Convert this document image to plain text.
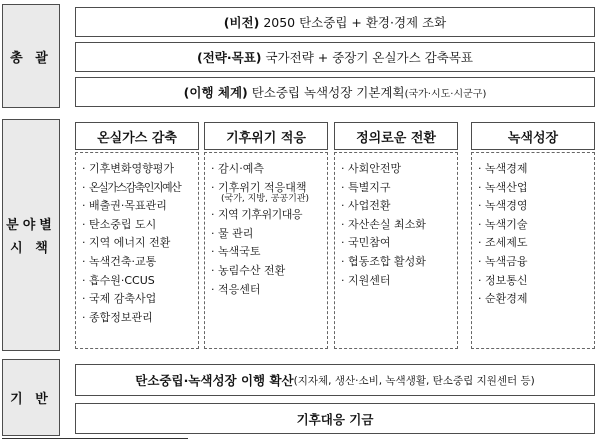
총 괄
분야별
시 책
기 반
(비전) 2050 탄소중립 + 환경·경제 조화
(전략·목표) 국가전략 + 중장기 온실가스 감축목표
(이행 체계) 탄소중립 녹색성장 기본계획 (국가·시도·시군구)
온실가스 감축	기후위기 적응	정의로운 전환	녹색성장
· 기후변화영향평가
· 온실가스감축인지예산
· 배출권·목표관리
· 탄소중립 도시
· 지역 에너지 전환
· 녹색건축·교통
· 흡수원·CCUS
· 국제 감축사업
· 종합정보관리
· 감시·예측
· 기후위기 적응대책
(국가, 지방, 공공기관)
· 지역 기후위기대응
· 물 관리
· 녹색국토
· 농림수산 전환
· 적응센터
· 사회안전망
· 특별지구
· 사업전환
· 자산손실 최소화
· 국민참여
· 협동조합 활성화
· 지원센터
· 녹색경제
· 녹색산업
· 녹색경영
· 녹색기술
· 조세제도
· 녹색금융
· 정보통신
· 순환경제
탄소중립·녹색성장 이행 확산 (지자체, 생산·소비, 녹색생활, 탄소중립 지원센터 등)
기후대응 기금
